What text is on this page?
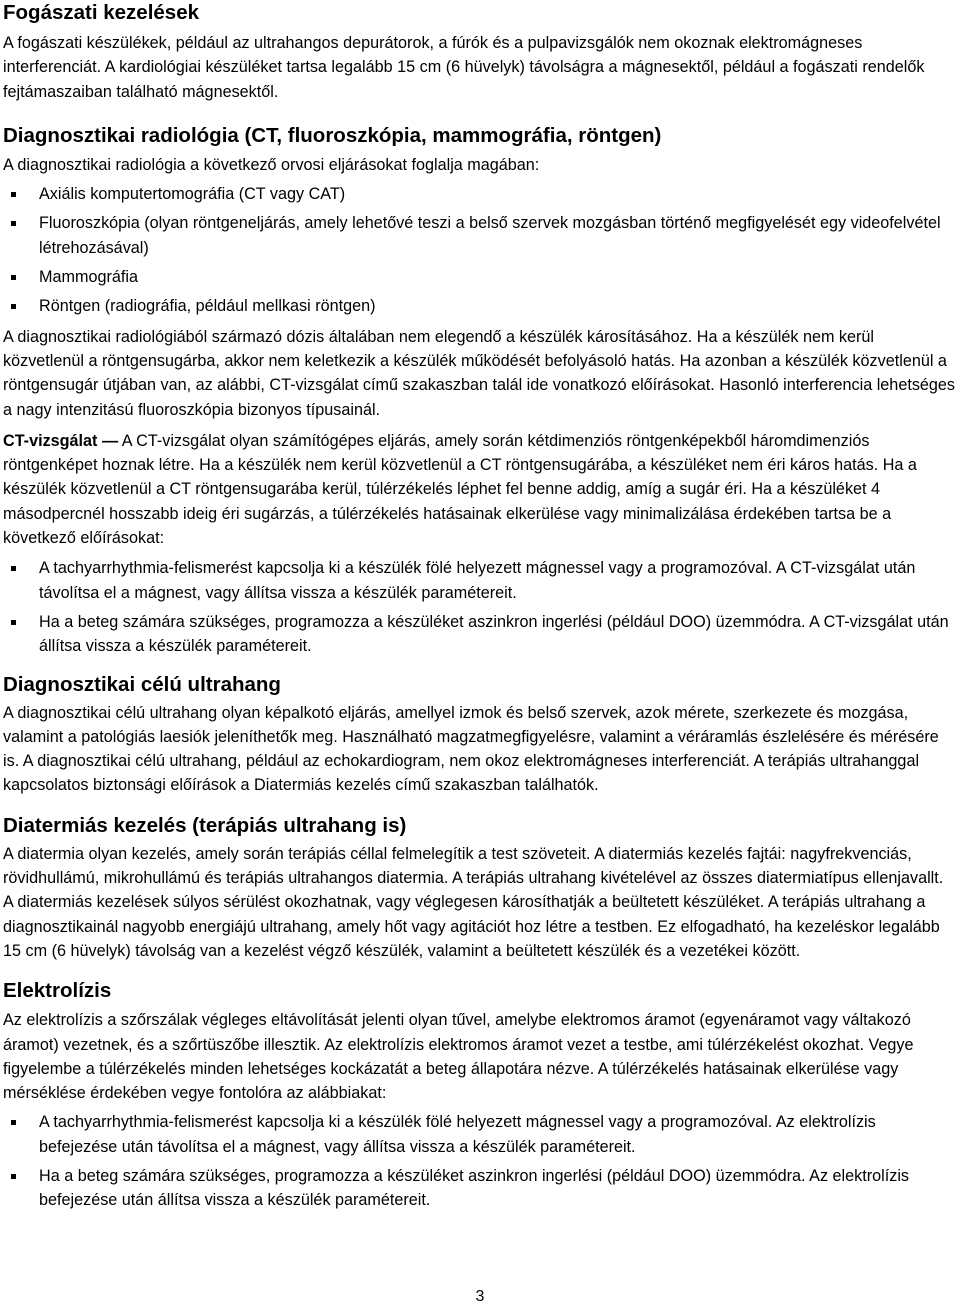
Fogászati kezelések

A fogászati készülékek, például az ultrahangos depurátorok, a fúrók és a pulpavizsgálók nem okoznak elektromágneses interferenciát. A kardiológiai készüléket tartsa legalább 15 cm (6 hüvelyk) távolságra a mágnesektől, például a fogászati rendelők fejtámaszaiban található mágnesektől.

Diagnosztikai radiológia (CT, fluoroszkópia, mammográfia, röntgen)

A diagnosztikai radiológia a következő orvosi eljárásokat foglalja magában:

Axiális komputertomográfia (CT vagy CAT)
Fluoroszkópia (olyan röntgeneljárás, amely lehetővé teszi a belső szervek mozgásban történő megfigyelését egy videofelvétel létrehozásával)
Mammográfia
Röntgen (radiográfia, például mellkasi röntgen)

A diagnosztikai radiológiából származó dózis általában nem elegendő a készülék károsításához. Ha a készülék nem kerül közvetlenül a röntgensugárba, akkor nem keletkezik a készülék működését befolyásoló hatás. Ha azonban a készülék közvetlenül a röntgensugár útjában van, az alábbi, CT-vizsgálat című szakaszban talál ide vonatkozó előírásokat. Hasonló interferencia lehetséges a nagy intenzitású fluoroszkópia bizonyos típusainál.

CT-vizsgálat — A CT-vizsgálat olyan számítógépes eljárás, amely során kétdimenziós röntgenképekből háromdimenziós röntgenképet hoznak létre. Ha a készülék nem kerül közvetlenül a CT röntgensugárába, a készüléket nem éri káros hatás. Ha a készülék közvetlenül a CT röntgensugarába kerül, túlérzékelés léphet fel benne addig, amíg a sugár éri. Ha a készüléket 4 másodpercnél hosszabb ideig éri sugárzás, a túlérzékelés hatásainak elkerülése vagy minimalizálása érdekében tartsa be a következő előírásokat:

A tachyarrhythmia-felismerést kapcsolja ki a készülék fölé helyezett mágnessel vagy a programozóval. A CT-vizsgálat után távolítsa el a mágnest, vagy állítsa vissza a készülék paramétereit.
Ha a beteg számára szükséges, programozza a készüléket aszinkron ingerlési (például DOO) üzemmódra. A CT-vizsgálat után állítsa vissza a készülék paramétereit.
Diagnosztikai célú ultrahang

A diagnosztikai célú ultrahang olyan képalkotó eljárás, amellyel izmok és belső szervek, azok mérete, szerkezete és mozgása, valamint a patológiás laesiók jeleníthetők meg. Használható magzatmegfigyelésre, valamint a véráramlás észlelésére és mérésére is. A diagnosztikai célú ultrahang, például az echokardiogram, nem okoz elektromágneses interferenciát. A terápiás ultrahanggal kapcsolatos biztonsági előírások a Diatermiás kezelés című szakaszban találhatók.

Diatermiás kezelés (terápiás ultrahang is)

A diatermia olyan kezelés, amely során terápiás céllal felmelegítik a test szöveteit. A diatermiás kezelés fajtái: nagyfrekvenciás, rövidhullámú, mikrohullámú és terápiás ultrahangos diatermia. A terápiás ultrahang kivételével az összes diatermiatípus ellenjavallt. A diatermiás kezelések súlyos sérülést okozhatnak, vagy véglegesen károsíthatják a beültetett készüléket. A terápiás ultrahang a diagnosztikainál nagyobb energiájú ultrahang, amely hőt vagy agitációt hoz létre a testben. Ez elfogadható, ha kezeléskor legalább 15 cm (6 hüvelyk) távolság van a kezelést végző készülék, valamint a beültetett készülék és a vezetékei között.

Elektrolízis

Az elektrolízis a szőrszálak végleges eltávolítását jelenti olyan tűvel, amelybe elektromos áramot (egyenáramot vagy váltakozó áramot) vezetnek, és a szőrtüszőbe illesztik. Az elektrolízis elektromos áramot vezet a testbe, ami túlérzékelést okozhat. Vegye figyelembe a túlérzékelés minden lehetséges kockázatát a beteg állapotára nézve. A túlérzékelés hatásainak elkerülése vagy mérséklése érdekében vegye fontolóra az alábbiakat:

A tachyarrhythmia-felismerést kapcsolja ki a készülék fölé helyezett mágnessel vagy a programozóval. Az elektrolízis befejezése után távolítsa el a mágnest, vagy állítsa vissza a készülék paramétereit.
Ha a beteg számára szükséges, programozza a készüléket aszinkron ingerlési (például DOO) üzemmódra. Az elektrolízis befejezése után állítsa vissza a készülék paramétereit.
3
